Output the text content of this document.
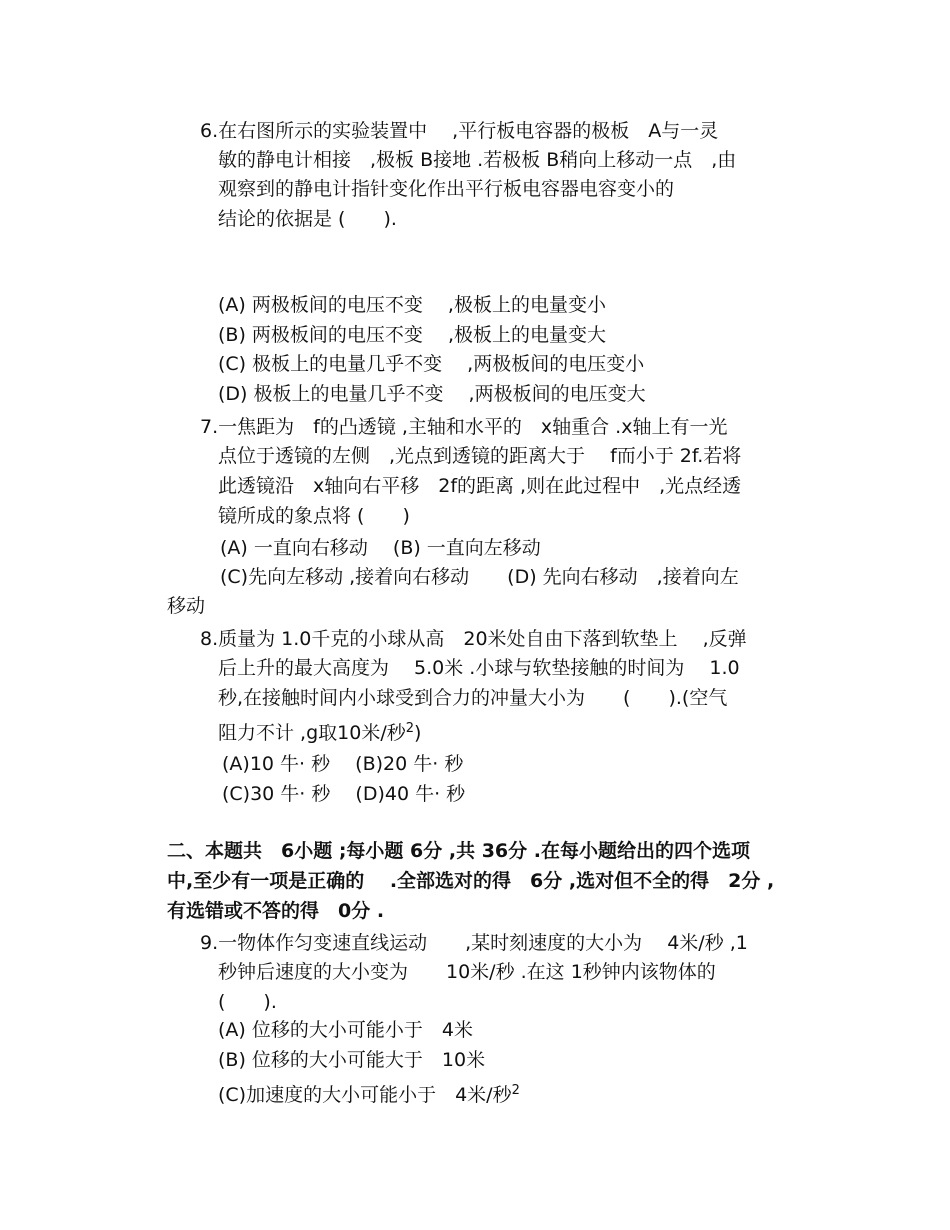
6.在右图所示的实验装置中　 ,平行板电容器的极板　A与一灵
敏的静电计相接　,极板 B接地 .若极板 B稍向上移动一点　,由
观察到的静电计指针变化作出平行板电容器电容变小的
结论的依据是 (　　).
(A) 两极板间的电压不变　 ,极板上的电量变小
(B) 两极板间的电压不变　 ,极板上的电量变大
(C) 极板上的电量几乎不变　 ,两极板间的电压变小
(D) 极板上的电量几乎不变　 ,两极板间的电压变大
7.一焦距为　f的凸透镜 ,主轴和水平的　x轴重合 .x轴上有一光
点位于透镜的左侧　,光点到透镜的距离大于　 f而小于 2f.若将
此透镜沿　x轴向右平移　2f的距离 ,则在此过程中　,光点经透
镜所成的象点将 (　　)
(A) 一直向右移动　 (B) 一直向左移动
(C)先向左移动 ,接着向右移动　　(D) 先向右移动　,接着向左
移动
8.质量为 1.0千克的小球从高　20米处自由下落到软垫上　 ,反弹
后上升的最大高度为　 5.0米 .小球与软垫接触的时间为　 1.0
秒,在接触时间内小球受到合力的冲量大小为　　(　　).(空气
阻力不计 ,g取10米/秒$^2$)
(A)10 牛· 秒　 (B)20 牛· 秒
(C)30 牛· 秒　 (D)40 牛· 秒
二、本题共　6小题 ;每小题 6分 ,共 36分 .在每小题给出的四个选项
中,至少有一项是正确的　 .全部选对的得　6分 ,选对但不全的得　2分 ,
有选错或不答的得　0分 .
9.一物体作匀变速直线运动　　,某时刻速度的大小为　 4米/秒 ,1
秒钟后速度的大小变为　　10米/秒 .在这 1秒钟内该物体的
(　　).
(A) 位移的大小可能小于　4米
(B) 位移的大小可能大于　10米
(C)加速度的大小可能小于　4米/秒$^2$
